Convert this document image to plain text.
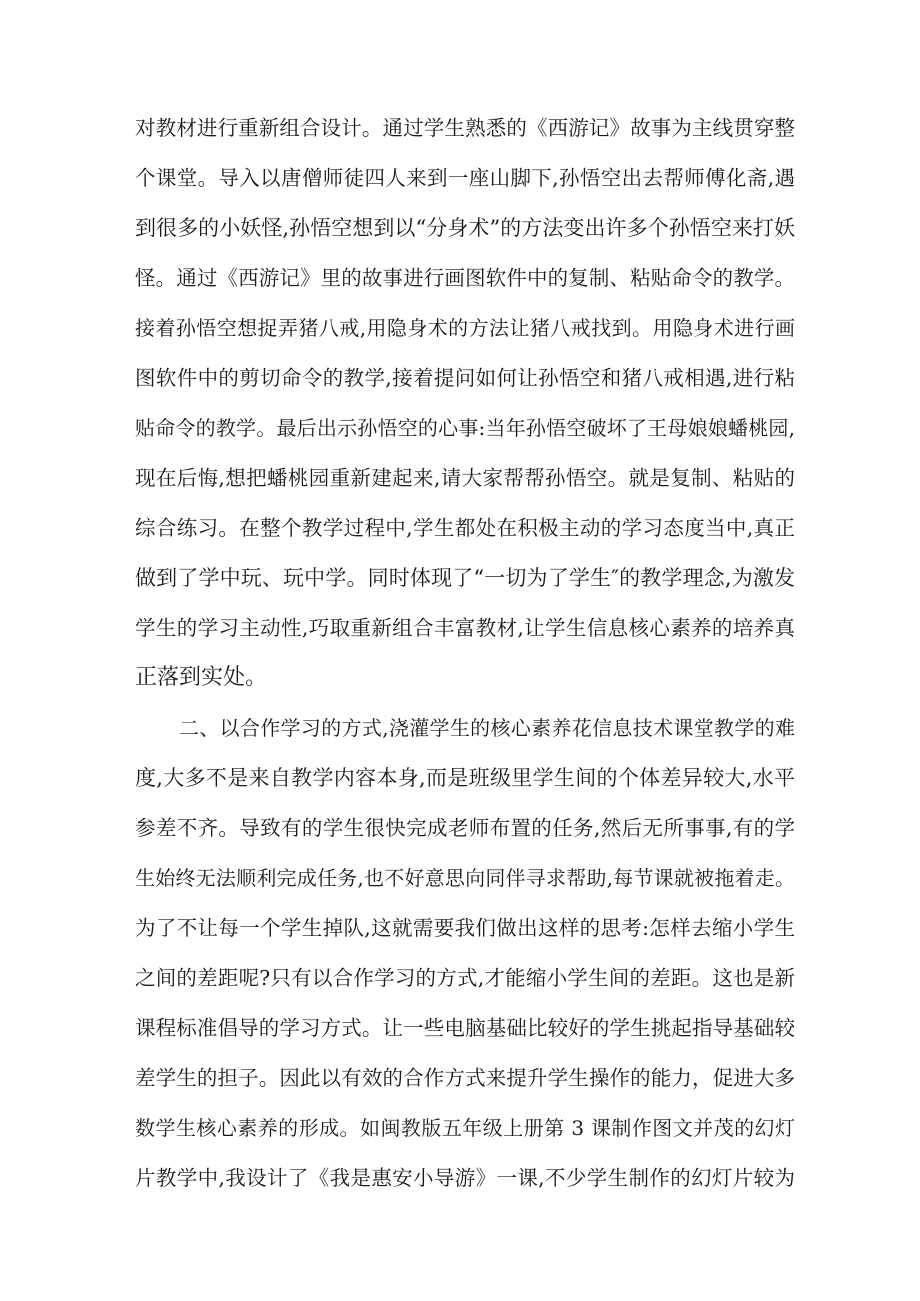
对教材进行重新组合设计。通过学生熟悉的《西游记》故事为主线贯穿整
个课堂。导入以唐僧师徒四人来到一座山脚下,孙悟空出去帮师傅化斋,遇
到很多的小妖怪,孙悟空想到以“分身术”的方法变出许多个孙悟空来打妖
怪。通过《西游记》里的故事进行画图软件中的复制、粘贴命令的教学。
接着孙悟空想捉弄猪八戒,用隐身术的方法让猪八戒找到。用隐身术进行画
图软件中的剪切命令的教学,接着提问如何让孙悟空和猪八戒相遇,进行粘
贴命令的教学。最后出示孙悟空的心事:当年孙悟空破坏了王母娘娘蟠桃园,
现在后悔,想把蟠桃园重新建起来,请大家帮帮孙悟空。就是复制、粘贴的
综合练习。在整个教学过程中,学生都处在积极主动的学习态度当中,真正
做到了学中玩、玩中学。同时体现了“一切为了学生″的教学理念,为激发
学生的学习主动性,巧取重新组合丰富教材,让学生信息核心素养的培养真
正落到实处。
二、以合作学习的方式,浇灌学生的核心素养花信息技术课堂教学的难
度,大多不是来自教学内容本身,而是班级里学生间的个体差异较大,水平
参差不齐。导致有的学生很快完成老师布置的任务,然后无所事事,有的学
生始终无法顺利完成任务,也不好意思向同伴寻求帮助,每节课就被拖着走。
为了不让每一个学生掉队,这就需要我们做出这样的思考:怎样去缩小学生
之间的差距呢?只有以合作学习的方式,才能缩小学生间的差距。这也是新
课程标准倡导的学习方式。让一些电脑基础比较好的学生挑起指导基础较
差学生的担子。因此以有效的合作方式来提升学生操作的能力，促进大多
数学生核心素养的形成。如闽教版五年级上册第 3 课制作图文并茂的幻灯
片教学中,我设计了《我是惠安小导游》一课,不少学生制作的幻灯片较为
